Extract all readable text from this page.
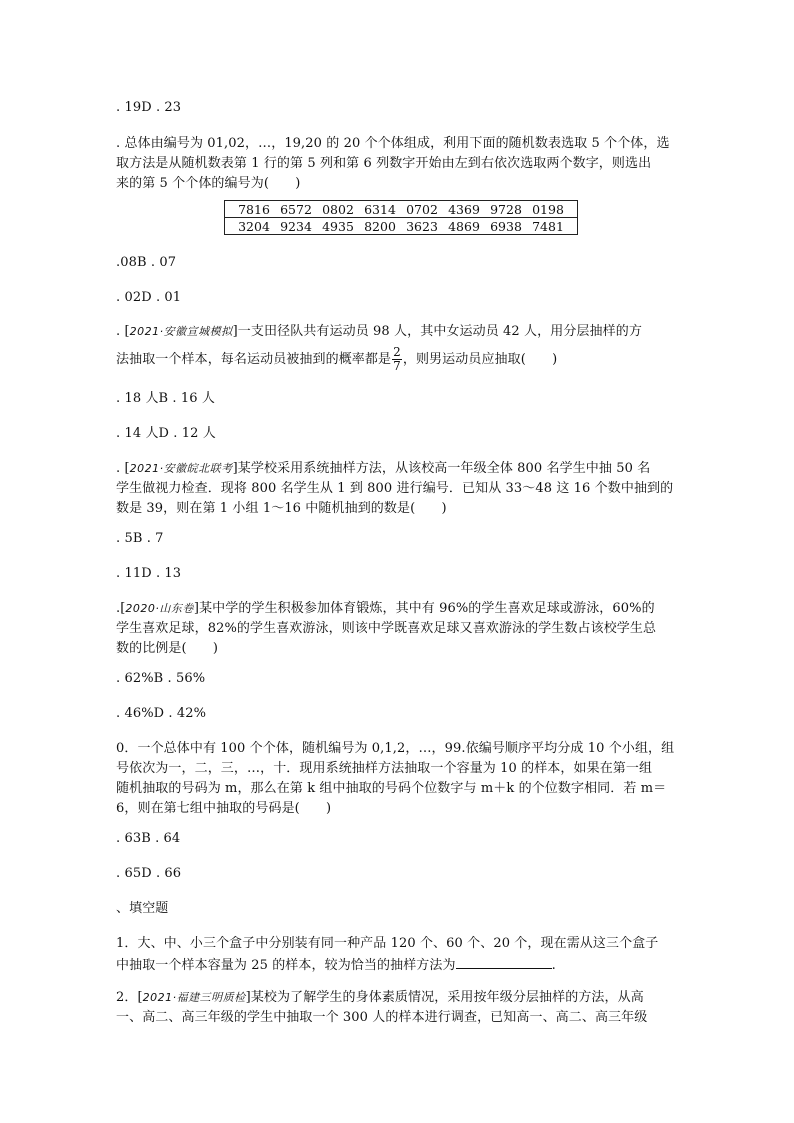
. 19D . 23
. 总体由编号为 01,02，…，19,20 的 20 个个体组成，利用下面的随机数表选取 5 个个体，选
取方法是从随机数表第 1 行的第 5 列和第 6 列数字开始由左到右依次选取两个数字，则选出
来的第 5 个个体的编号为(　　)
7816 6572 0802 6314 0702 4369 9728 0198
3204 9234 4935 8200 3623 4869 6938 7481
.08B . 07
. 02D . 01
. [2021·安徽宣城模拟]一支田径队共有运动员 98 人，其中女运动员 42 人，用分层抽样的方
法抽取一个样本，每名运动员被抽到的概率都是 $\frac{2}{7}$ ，则男运动员应抽取(　　)
. 18 人B . 16 人
. 14 人D . 12 人
. [2021·安徽皖北联考]某学校采用系统抽样方法，从该校高一年级全体 800 名学生中抽 50 名
学生做视力检查．现将 800 名学生从 1 到 800 进行编号．已知从 33～48 这 16 个数中抽到的
数是 39，则在第 1 小组 1～16 中随机抽到的数是(　　)
. 5B . 7
. 11D . 13
.[2020·山东卷]某中学的学生积极参加体育锻炼，其中有 96%的学生喜欢足球或游泳，60%的
学生喜欢足球，82%的学生喜欢游泳，则该中学既喜欢足球又喜欢游泳的学生数占该校学生总
数的比例是(　　)
. 62%B . 56%
. 46%D . 42%
0．一个总体中有 100 个个体，随机编号为 0,1,2，…，99.依编号顺序平均分成 10 个小组，组
号依次为一，二，三，…，十．现用系统抽样方法抽取一个容量为 10 的样本，如果在第一组
随机抽取的号码为 m，那么在第 k 组中抽取的号码个位数字与 m＋k 的个位数字相同．若 m＝
6，则在第七组中抽取的号码是(　　)
. 63B . 64
. 65D . 66
、填空题
1．大、中、小三个盒子中分别装有同一种产品 120 个、60 个、20 个，现在需从这三个盒子
中抽取一个样本容量为 25 的样本，较为恰当的抽样方法为	.
2．[2021·福建三明质检]某校为了解学生的身体素质情况，采用按年级分层抽样的方法，从高
一、高二、高三年级的学生中抽取一个 300 人的样本进行调查，已知高一、高二、高三年级
